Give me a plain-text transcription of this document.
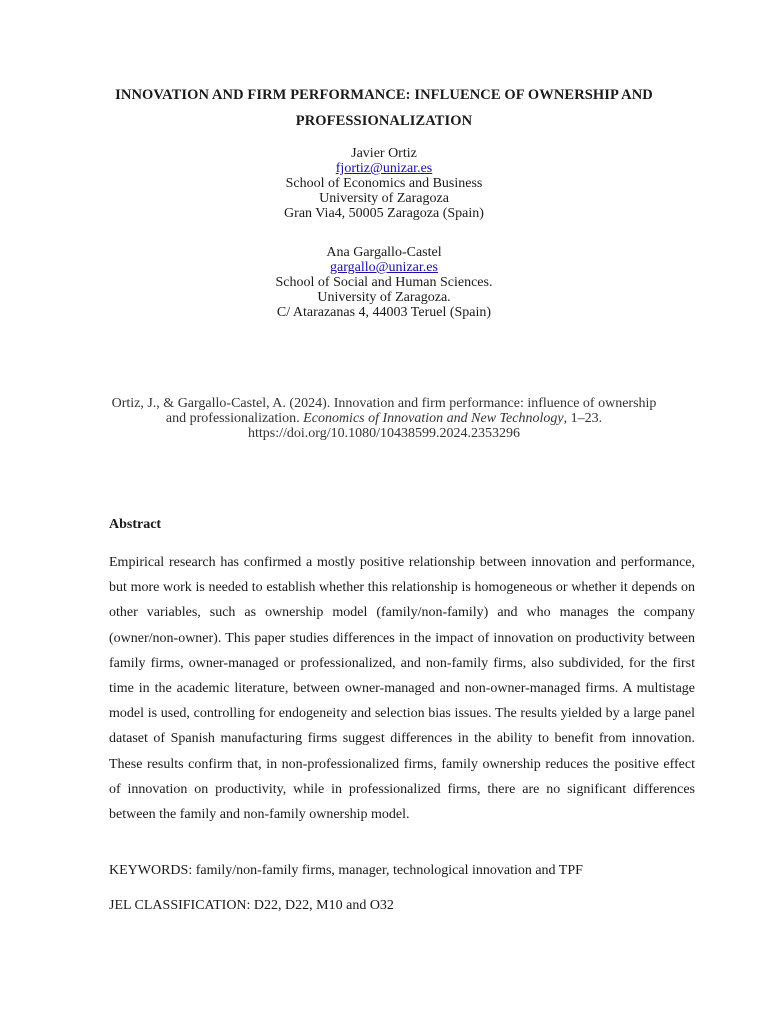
INNOVATION AND FIRM PERFORMANCE: INFLUENCE OF OWNERSHIP AND
PROFESSIONALIZATION
Javier Ortiz
fjortiz@unizar.es
School of Economics and Business
University of Zaragoza
Gran Via4, 50005 Zaragoza (Spain)
Ana Gargallo-Castel
gargallo@unizar.es
School of Social and Human Sciences.
University of Zaragoza.
C/ Atarazanas 4, 44003 Teruel (Spain)
Ortiz, J., & Gargallo-Castel, A. (2024). Innovation and firm performance: influence of ownership and professionalization. Economics of Innovation and New Technology, 1–23.
https://doi.org/10.1080/10438599.2024.2353296
Abstract
Empirical research has confirmed a mostly positive relationship between innovation and performance, but more work is needed to establish whether this relationship is homogeneous or whether it depends on other variables, such as ownership model (family/non-family) and who manages the company (owner/non-owner). This paper studies differences in the impact of innovation on productivity between family firms, owner-managed or professionalized, and non-family firms, also subdivided, for the first time in the academic literature, between owner-managed and non-owner-managed firms. A multistage model is used, controlling for endogeneity and selection bias issues. The results yielded by a large panel dataset of Spanish manufacturing firms suggest differences in the ability to benefit from innovation. These results confirm that, in non-professionalized firms, family ownership reduces the positive effect of innovation on productivity, while in professionalized firms, there are no significant differences between the family and non-family ownership model.
KEYWORDS: family/non-family firms, manager, technological innovation and TPF
JEL CLASSIFICATION: D22, D22, M10 and O32
